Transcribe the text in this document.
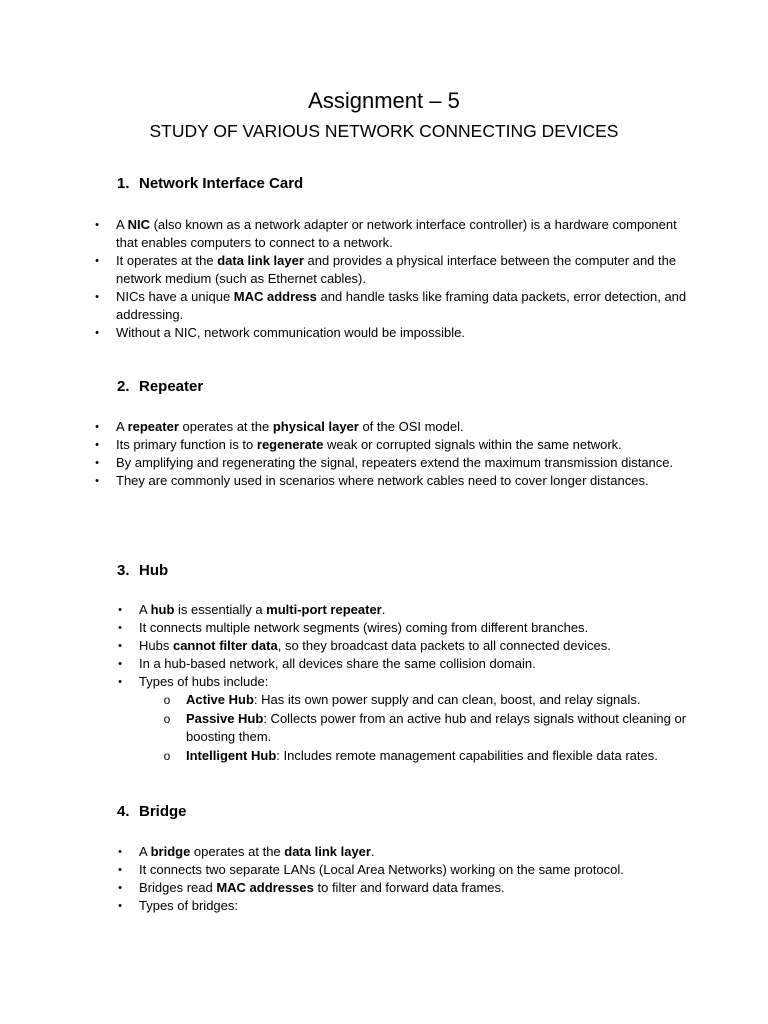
Assignment – 5
STUDY OF VARIOUS NETWORK CONNECTING DEVICES
1. Network Interface Card
•	A NIC (also known as a network adapter or network interface controller) is a hardware component that enables computers to connect to a network.
•	It operates at the data link layer and provides a physical interface between the computer and the network medium (such as Ethernet cables).
•	NICs have a unique MAC address and handle tasks like framing data packets, error detection, and addressing.
•	Without a NIC, network communication would be impossible.
2. Repeater
•	A repeater operates at the physical layer of the OSI model.
•	Its primary function is to regenerate weak or corrupted signals within the same network.
•	By amplifying and regenerating the signal, repeaters extend the maximum transmission distance.
•	They are commonly used in scenarios where network cables need to cover longer distances.
3. Hub
•	A hub is essentially a multi-port repeater.
•	It connects multiple network segments (wires) coming from different branches.
•	Hubs cannot filter data, so they broadcast data packets to all connected devices.
•	In a hub-based network, all devices share the same collision domain.
•	Types of hubs include:
o Active Hub: Has its own power supply and can clean, boost, and relay signals.
o Passive Hub: Collects power from an active hub and relays signals without cleaning or boosting them.
o Intelligent Hub: Includes remote management capabilities and flexible data rates.
4. Bridge
•	A bridge operates at the data link layer.
•	It connects two separate LANs (Local Area Networks) working on the same protocol.
•	Bridges read MAC addresses to filter and forward data frames.
•	Types of bridges:
